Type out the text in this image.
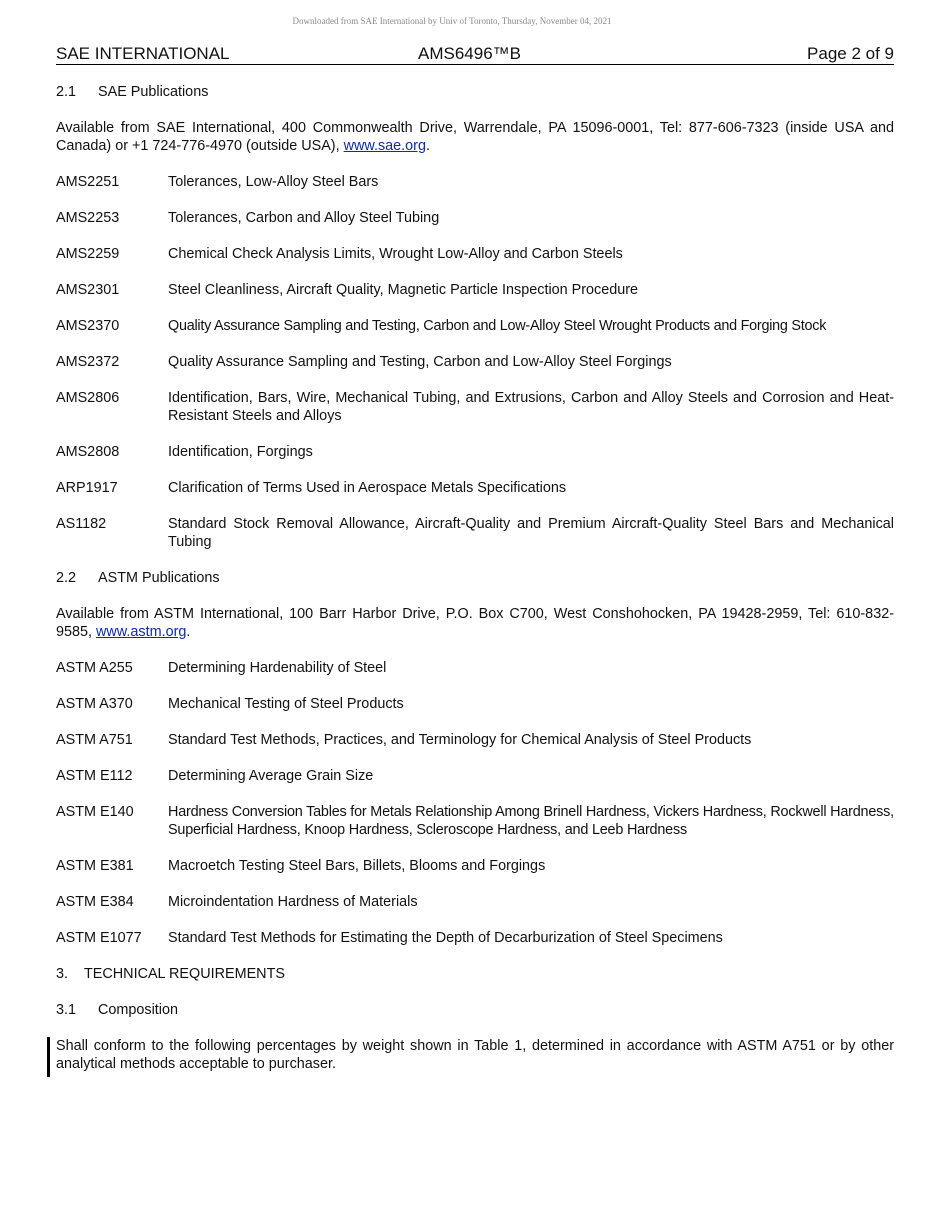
Downloaded from SAE International by Univ of Toronto, Thursday, November 04, 2021
SAE INTERNATIONAL	AMS6496™B	Page 2 of 9
2.1 SAE Publications
Available from SAE International, 400 Commonwealth Drive, Warrendale, PA 15096-0001, Tel: 877-606-7323 (inside USA and Canada) or +1 724-776-4970 (outside USA), www.sae.org.
AMS2251	Tolerances, Low-Alloy Steel Bars
AMS2253	Tolerances, Carbon and Alloy Steel Tubing
AMS2259	Chemical Check Analysis Limits, Wrought Low-Alloy and Carbon Steels
AMS2301	Steel Cleanliness, Aircraft Quality, Magnetic Particle Inspection Procedure
AMS2370	Quality Assurance Sampling and Testing, Carbon and Low-Alloy Steel Wrought Products and Forging Stock
AMS2372	Quality Assurance Sampling and Testing, Carbon and Low-Alloy Steel Forgings
AMS2806	Identification, Bars, Wire, Mechanical Tubing, and Extrusions, Carbon and Alloy Steels and Corrosion and Heat-Resistant Steels and Alloys
AMS2808	Identification, Forgings
ARP1917	Clarification of Terms Used in Aerospace Metals Specifications
AS1182	Standard Stock Removal Allowance, Aircraft-Quality and Premium Aircraft-Quality Steel Bars and Mechanical Tubing
2.2 ASTM Publications
Available from ASTM International, 100 Barr Harbor Drive, P.O. Box C700, West Conshohocken, PA 19428-2959, Tel: 610-832-9585, www.astm.org.
ASTM A255	Determining Hardenability of Steel
ASTM A370	Mechanical Testing of Steel Products
ASTM A751	Standard Test Methods, Practices, and Terminology for Chemical Analysis of Steel Products
ASTM E112	Determining Average Grain Size
ASTM E140	Hardness Conversion Tables for Metals Relationship Among Brinell Hardness, Vickers Hardness, Rockwell Hardness, Superficial Hardness, Knoop Hardness, Scleroscope Hardness, and Leeb Hardness
ASTM E381	Macroetch Testing Steel Bars, Billets, Blooms and Forgings
ASTM E384	Microindentation Hardness of Materials
ASTM E1077	Standard Test Methods for Estimating the Depth of Decarburization of Steel Specimens
3. TECHNICAL REQUIREMENTS
3.1 Composition
Shall conform to the following percentages by weight shown in Table 1, determined in accordance with ASTM A751 or by other analytical methods acceptable to purchaser.
